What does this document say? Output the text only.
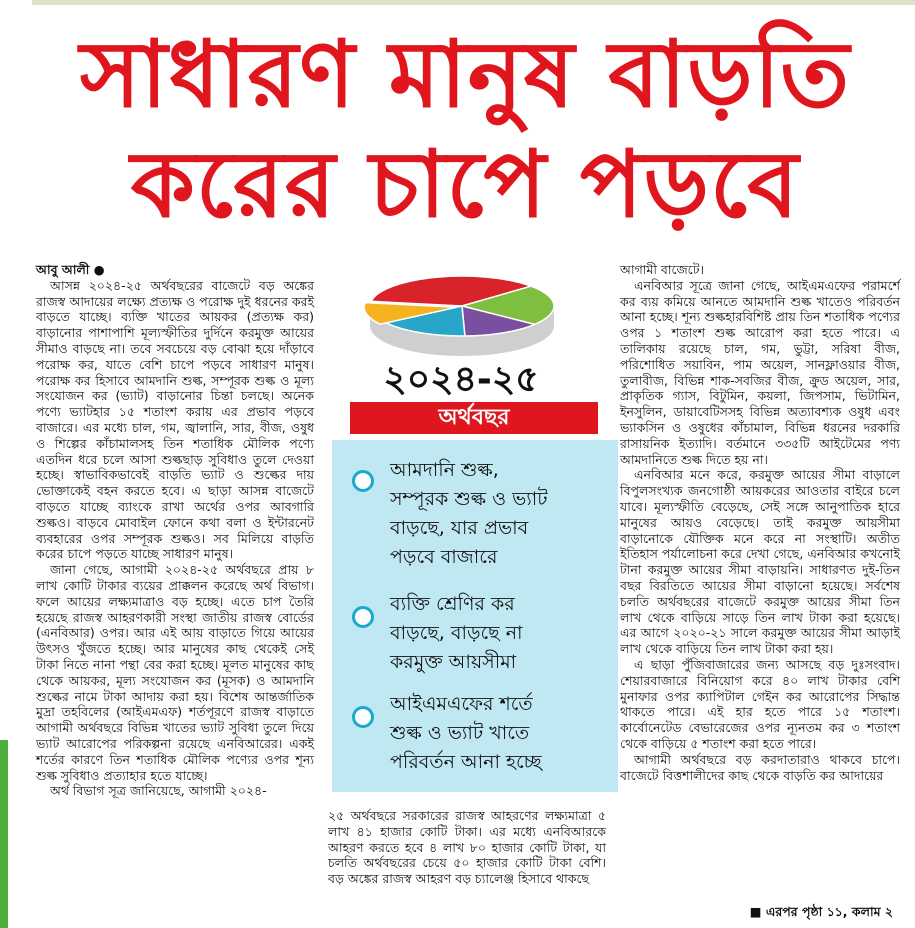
সাধারণ মানুষ বাড়তি
করের চাপে পড়বে

আবু আলী ●

আসন্ন ২০২৪-২৫ অর্থবছরের বাজেটে বড় অঙ্কের রাজস্ব আদায়ের লক্ষ্যে প্রত্যক্ষ ও পরোক্ষ দুই ধরনের করই বাড়তে যাচ্ছে। ব্যক্তি খাতের আয়কর (প্রত্যক্ষ কর) বাড়ানোর পাশাপাশি মূল্যস্ফীতির দুর্দিনে করমুক্ত আয়ের সীমাও বাড়ছে না। তবে সবচেয়ে বড় বোঝা হয়ে দাঁড়াবে পরোক্ষ কর, যাতে বেশি চাপে পড়বে সাধারণ মানুষ। পরোক্ষ কর হিসাবে আমদানি শুল্ক, সম্পূরক শুল্ক ও মূল্য সংযোজন কর (ভ্যাট) বাড়ানোর চিন্তা চলছে। অনেক পণ্যে ভ্যাটহার ১৫ শতাংশ করায় এর প্রভাব পড়বে বাজারে। এর মধ্যে চাল, গম, জ্বালানি, সার, বীজ, ওষুধ ও শিল্পের কাঁচামালসহ তিন শতাধিক মৌলিক পণ্যে এতদিন ধরে চলে আসা শুল্কছাড় সুবিধাও তুলে দেওয়া হচ্ছে। স্বাভাবিকভাবেই বাড়তি ভ্যাট ও শুল্কের দায় ভোক্তাকেই বহন করতে হবে। এ ছাড়া আসন্ন বাজেটে বাড়তে যাচ্ছে ব্যাংকে রাখা অর্থের ওপর আবগারি শুল্কও। বাড়বে মোবাইল ফোনে কথা বলা ও ইন্টারনেট ব্যবহারের ওপর সম্পূরক শুল্কও। সব মিলিয়ে বাড়তি করের চাপে পড়তে যাচ্ছে সাধারণ মানুষ।

জানা গেছে, আগামী ২০২৪-২৫ অর্থবছরে প্রায় ৮ লাখ কোটি টাকার ব্যয়ের প্রাক্কলন করেছে অর্থ বিভাগ। ফলে আয়ের লক্ষ্যমাত্রাও বড় হচ্ছে। এতে চাপ তৈরি হয়েছে রাজস্ব আহরণকারী সংস্থা জাতীয় রাজস্ব বোর্ডের (এনবিআর) ওপর। আর এই আয় বাড়াতে গিয়ে আয়ের উৎসও খুঁজতে হচ্ছে। আর মানুষের কাছ থেকেই সেই টাকা নিতে নানা পন্থা বের করা হচ্ছে। মূলত মানুষের কাছ থেকে আয়কর, মূল্য সংযোজন কর (মূসক) ও আমদানি শুল্কের নামে টাকা আদায় করা হয়। বিশেষ আন্তর্জাতিক মুদ্রা তহবিলের (আইএমএফ) শর্তপূরণে রাজস্ব বাড়াতে আগামী অর্থবছরে বিভিন্ন খাতের ভ্যাট সুবিধা তুলে দিয়ে ভ্যাট আরোপের পরিকল্পনা রয়েছে এনবিআরের। একই শর্তের কারণে তিন শতাধিক মৌলিক পণ্যের ওপর শূন্য শুল্ক সুবিধাও প্রত্যাহার হতে যাচ্ছে।

অর্থ বিভাগ সূত্র জানিয়েছে, আগামী ২০২৪-

২০২৪-২৫
অর্থবছর
আমদানি শুল্ক,
সম্পূরক শুল্ক ও ভ্যাট
বাড়ছে, যার প্রভাব
পড়বে বাজারে
ব্যক্তি শ্রেণির কর
বাড়ছে, বাড়ছে না
করমুক্ত আয়সীমা
আইএমএফের শর্তে
শুল্ক ও ভ্যাট খাতে
পরিবর্তন আনা হচ্ছে

২৫ অর্থবছরে সরকারের রাজস্ব আহরণের লক্ষ্যমাত্রা ৫ লাখ ৪১ হাজার কোটি টাকা। এর মধ্যে এনবিআরকে আহরণ করতে হবে ৪ লাখ ৮০ হাজার কোটি টাকা, যা চলতি অর্থবছরের চেয়ে ৫০ হাজার কোটি টাকা বেশি। বড় অঙ্কের রাজস্ব আহরণ বড় চ্যালেঞ্জ হিসাবে থাকছে

আগামী বাজেটে।

এনবিআর সূত্রে জানা গেছে, আইএমএফের পরামর্শে কর ব্যয় কমিয়ে আনতে আমদানি শুল্ক খাতেও পরিবর্তন আনা হচ্ছে। শূন্য শুল্কহারবিশিষ্ট প্রায় তিন শতাধিক পণ্যের ওপর ১ শতাংশ শুল্ক আরোপ করা হতে পারে। এ তালিকায় রয়েছে চাল, গম, ভুট্টা, সরিষা বীজ, পরিশোধিত সয়াবিন, পাম অয়েল, সানফ্লাওয়ার বীজ, তুলাবীজ, বিভিন্ন শাক-সবজির বীজ, ক্রুড অয়েল, সার, প্রাকৃতিক গ্যাস, বিটুমিন, কয়লা, জিপসাম, ভিটামিন, ইনসুলিন, ডায়াবেটিসসহ বিভিন্ন অত্যাবশ্যক ওষুধ এবং ভ্যাকসিন ও ওষুধের কাঁচামাল, বিভিন্ন ধরনের দরকারি রাসায়নিক ইত্যাদি। বর্তমানে ৩৩৫টি আইটেমের পণ্য আমদানিতে শুল্ক দিতে হয় না।

এনবিআর মনে করে, করমুক্ত আয়ের সীমা বাড়ালে বিপুলসংখ্যক জনগোষ্ঠী আয়করের আওতার বাইরে চলে যাবে। মূল্যস্ফীতি বেড়েছে, সেই সঙ্গে আনুপাতিক হারে মানুষের আয়ও বেড়েছে। তাই করমুক্ত আয়সীমা বাড়ানোকে যৌক্তিক মনে করে না সংস্থাটি। অতীত ইতিহাস পর্যালোচনা করে দেখা গেছে, এনবিআর কখনোই টানা করমুক্ত আয়ের সীমা বাড়ায়নি। সাধারণত দুই-তিন বছর বিরতিতে আয়ের সীমা বাড়ানো হয়েছে। সর্বশেষ চলতি অর্থবছরের বাজেটে করমুক্ত আয়ের সীমা তিন লাখ থেকে বাড়িয়ে সাড়ে তিন লাখ টাকা করা হয়েছে। এর আগে ২০২০-২১ সালে করমুক্ত আয়ের সীমা আড়াই লাখ থেকে বাড়িয়ে তিন লাখ টাকা করা হয়।

এ ছাড়া পুঁজিবাজারের জন্য আসছে বড় দুঃসংবাদ। শেয়ারবাজারে বিনিয়োগ করে ৪০ লাখ টাকার বেশি মুনাফার ওপর ক্যাপিটাল গেইন কর আরোপের সিদ্ধান্ত থাকতে পারে। এই হার হতে পারে ১৫ শতাংশ। কার্বোনেটেড বেভারেজের ওপর ন্যূনতম কর ৩ শতাংশ থেকে বাড়িয়ে ৫ শতাংশ করা হতে পারে।

আগামী অর্থবছরে বড় করদাতারাও থাকবে চাপে। বাজেটে বিত্তশালীদের কাছ থেকে বাড়তি কর আদায়ের

■ এরপর পৃষ্ঠা ১১, কলাম ২
